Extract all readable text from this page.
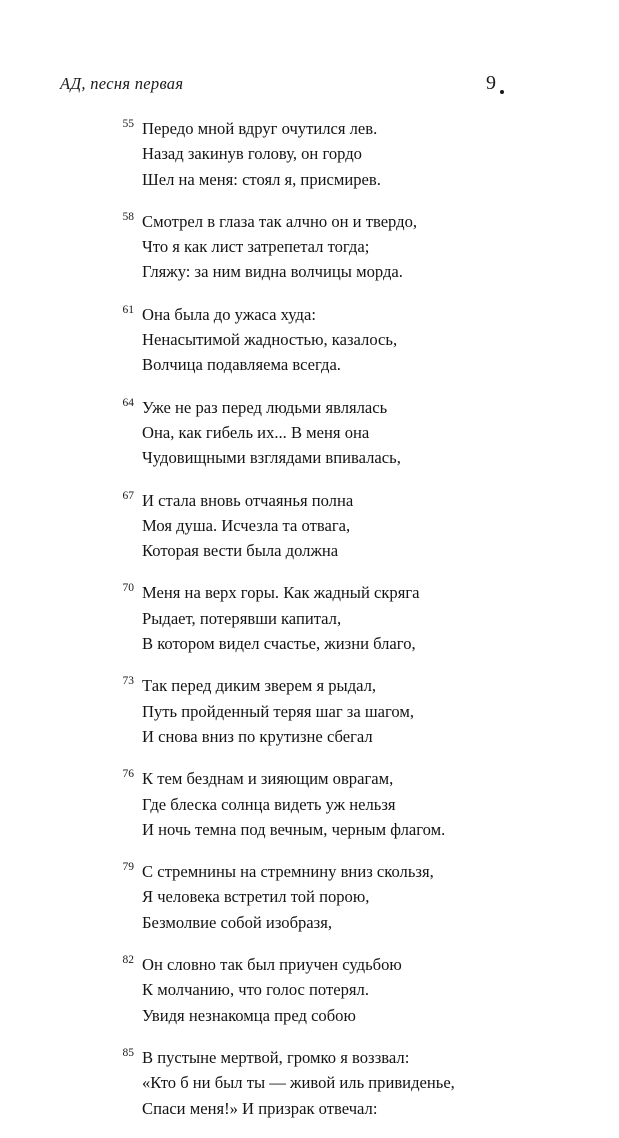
АД, песня первая	9
55 Передо мной вдруг очутился лев.
Назад закинув голову, он гордо
Шел на меня: стоял я, присмирев.
58 Смотрел в глаза так алчно он и твердо,
Что я как лист затрепетал тогда;
Гляжу: за ним видна волчицы морда.
61 Она была до ужаса худа:
Ненасытимой жадностью, казалось,
Волчица подавляема всегда.
64 Уже не раз перед людьми являлась
Она, как гибель их... В меня она
Чудовищными взглядами впивалась,
67 И стала вновь отчаянья полна
Моя душа. Исчезла та отвага,
Которая вести была должна
70 Меня на верх горы. Как жадный скряга
Рыдает, потерявши капитал,
В котором видел счастье, жизни благо,
73 Так перед диким зверем я рыдал,
Путь пройденный теряя шаг за шагом,
И снова вниз по крутизне сбегал
76 К тем безднам и зияющим оврагам,
Где блеска солнца видеть уж нельзя
И ночь темна под вечным, черным флагом.
79 С стремнины на стремнину вниз скользя,
Я человека встретил той порою,
Безмолвие собой изобразя,
82 Он словно так был приучен судьбою
К молчанию, что голос потерял.
Увидя незнакомца пред собою
85 В пустыне мертвой, громко я воззвал:
«Кто б ни был ты — живой иль привиденье,
Спаси меня!» И призрак отвечал:
